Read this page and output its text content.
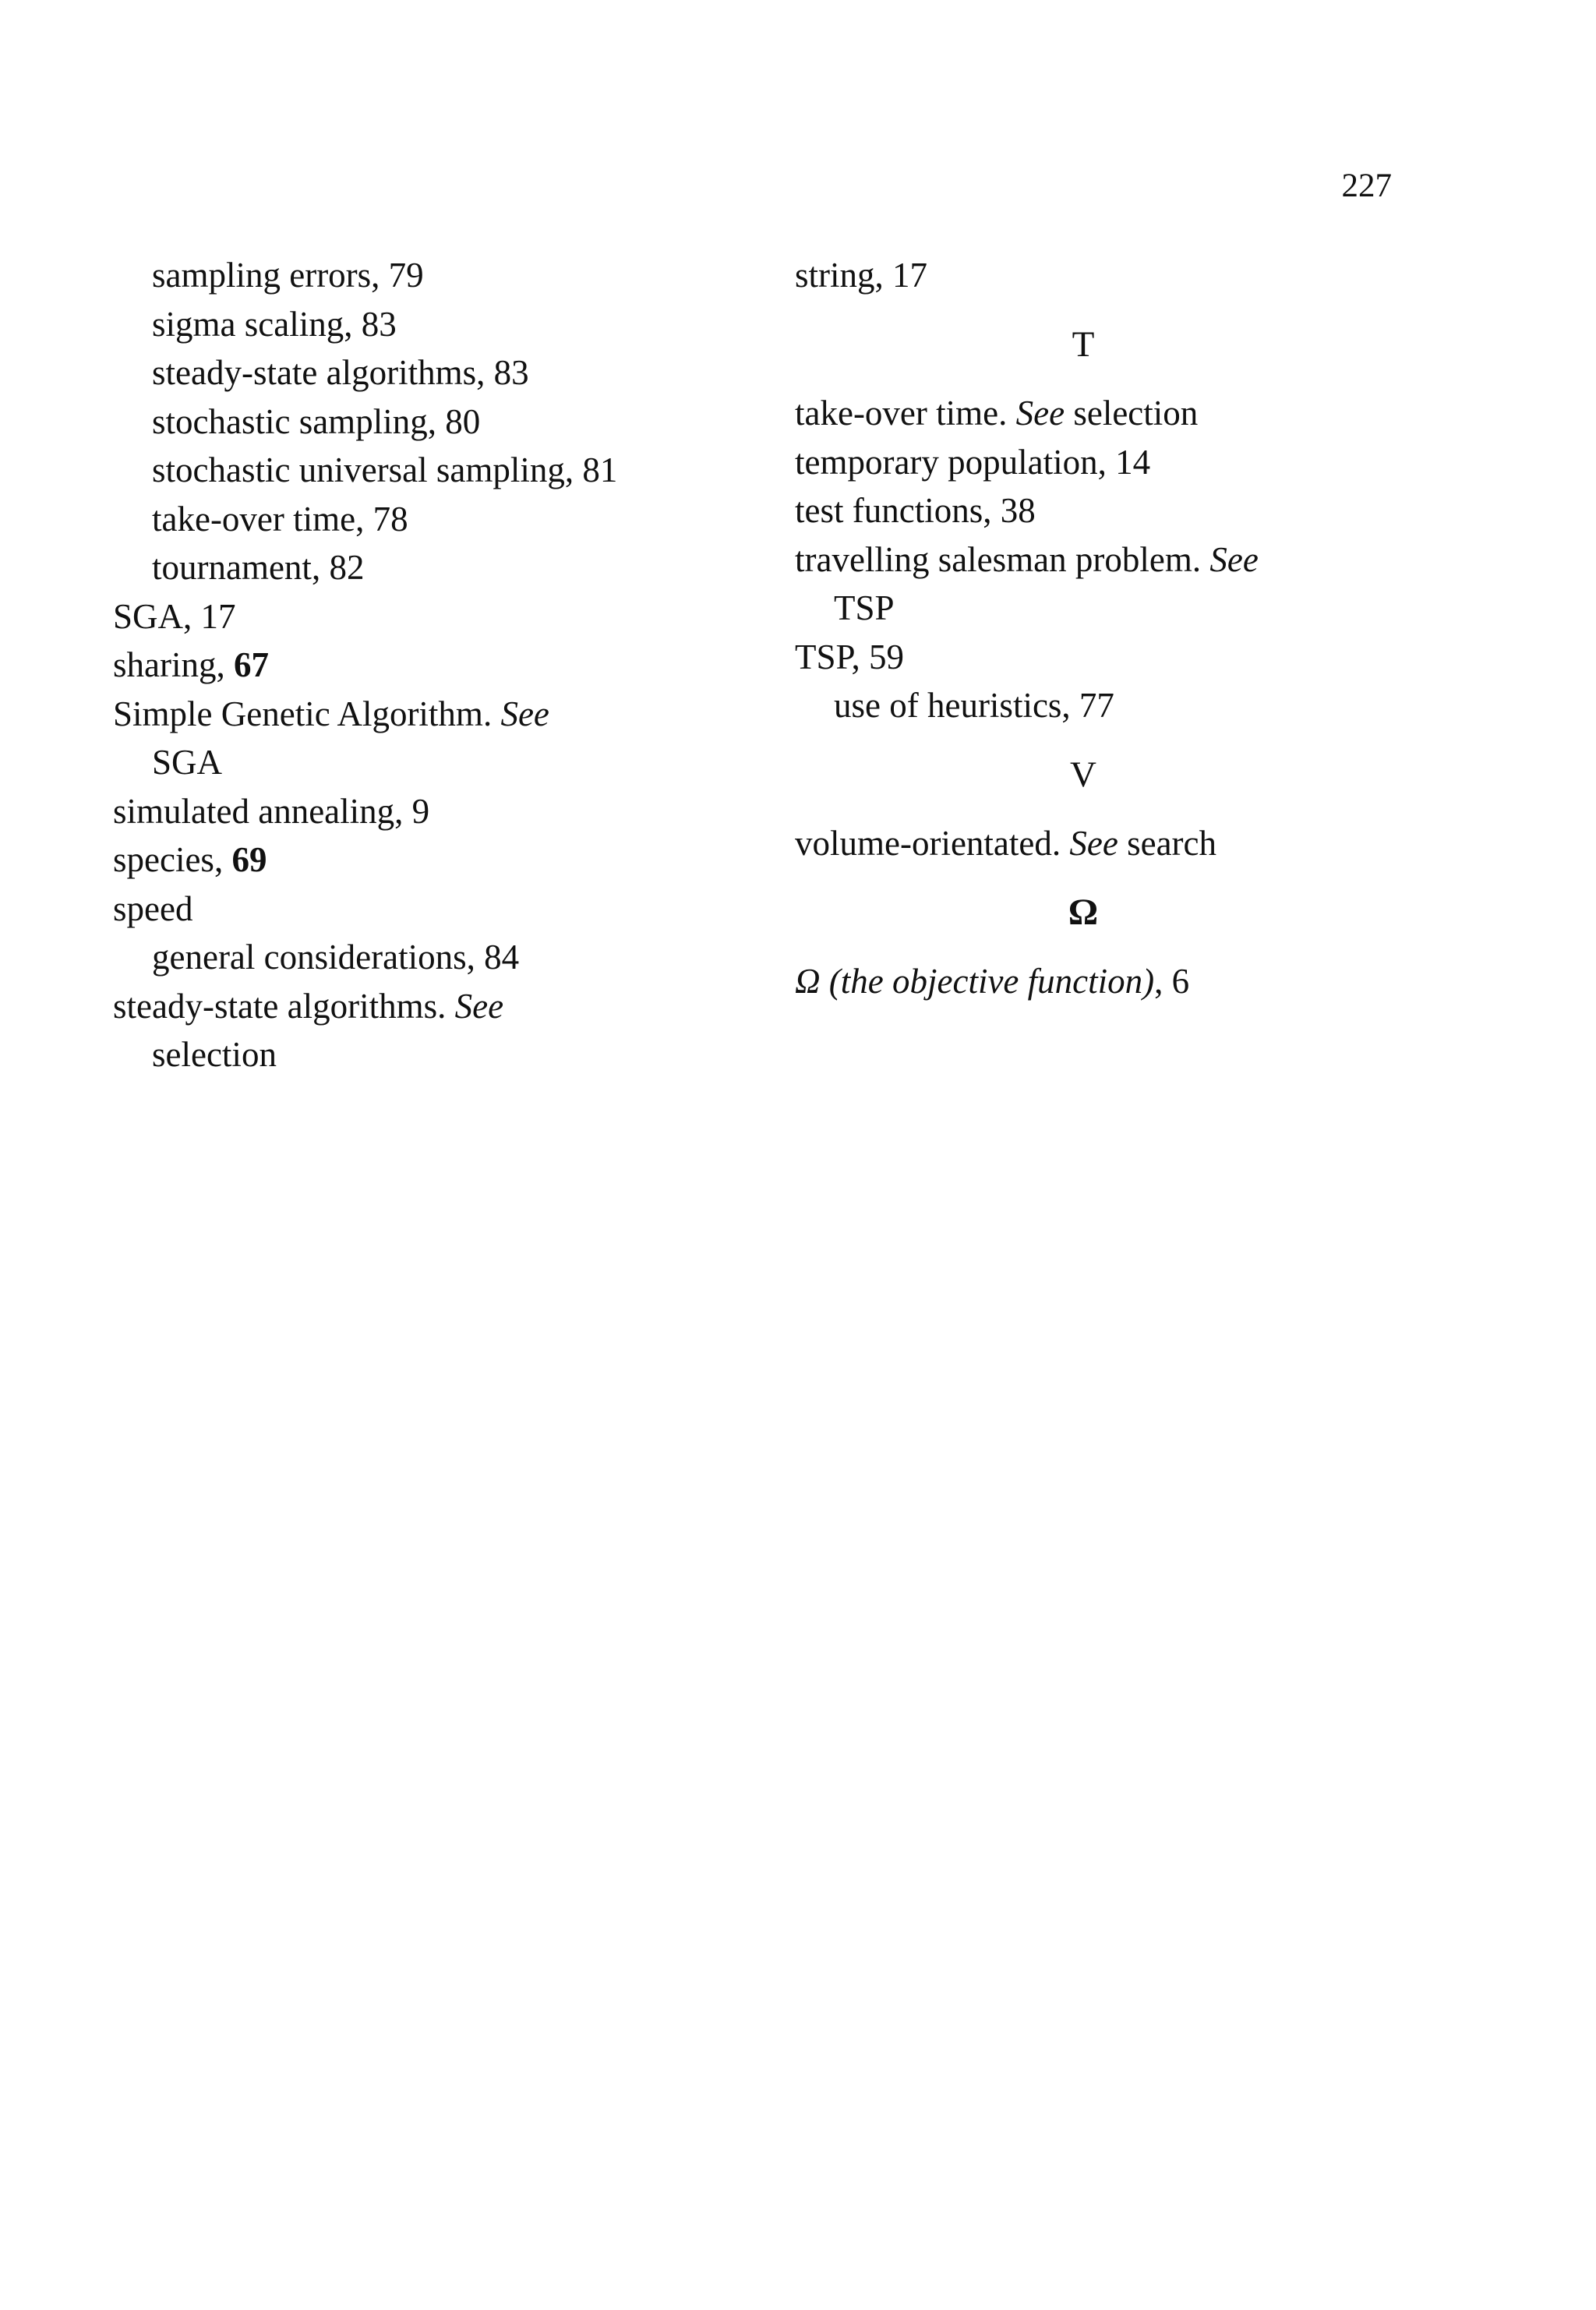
227
sampling errors, 79
sigma scaling, 83
steady-state algorithms, 83
stochastic sampling, 80
stochastic universal sampling, 81
take-over time, 78
tournament, 82
SGA, 17
sharing, 67
Simple Genetic Algorithm. See
SGA
simulated annealing, 9
species, 69
speed
general considerations, 84
steady-state algorithms. See
selection
string, 17
T
take-over time. See selection
temporary population, 14
test functions, 38
travelling salesman problem. See
TSP
TSP, 59
use of heuristics, 77
V
volume-orientated. See search
Ω
Ω (the objective function), 6
